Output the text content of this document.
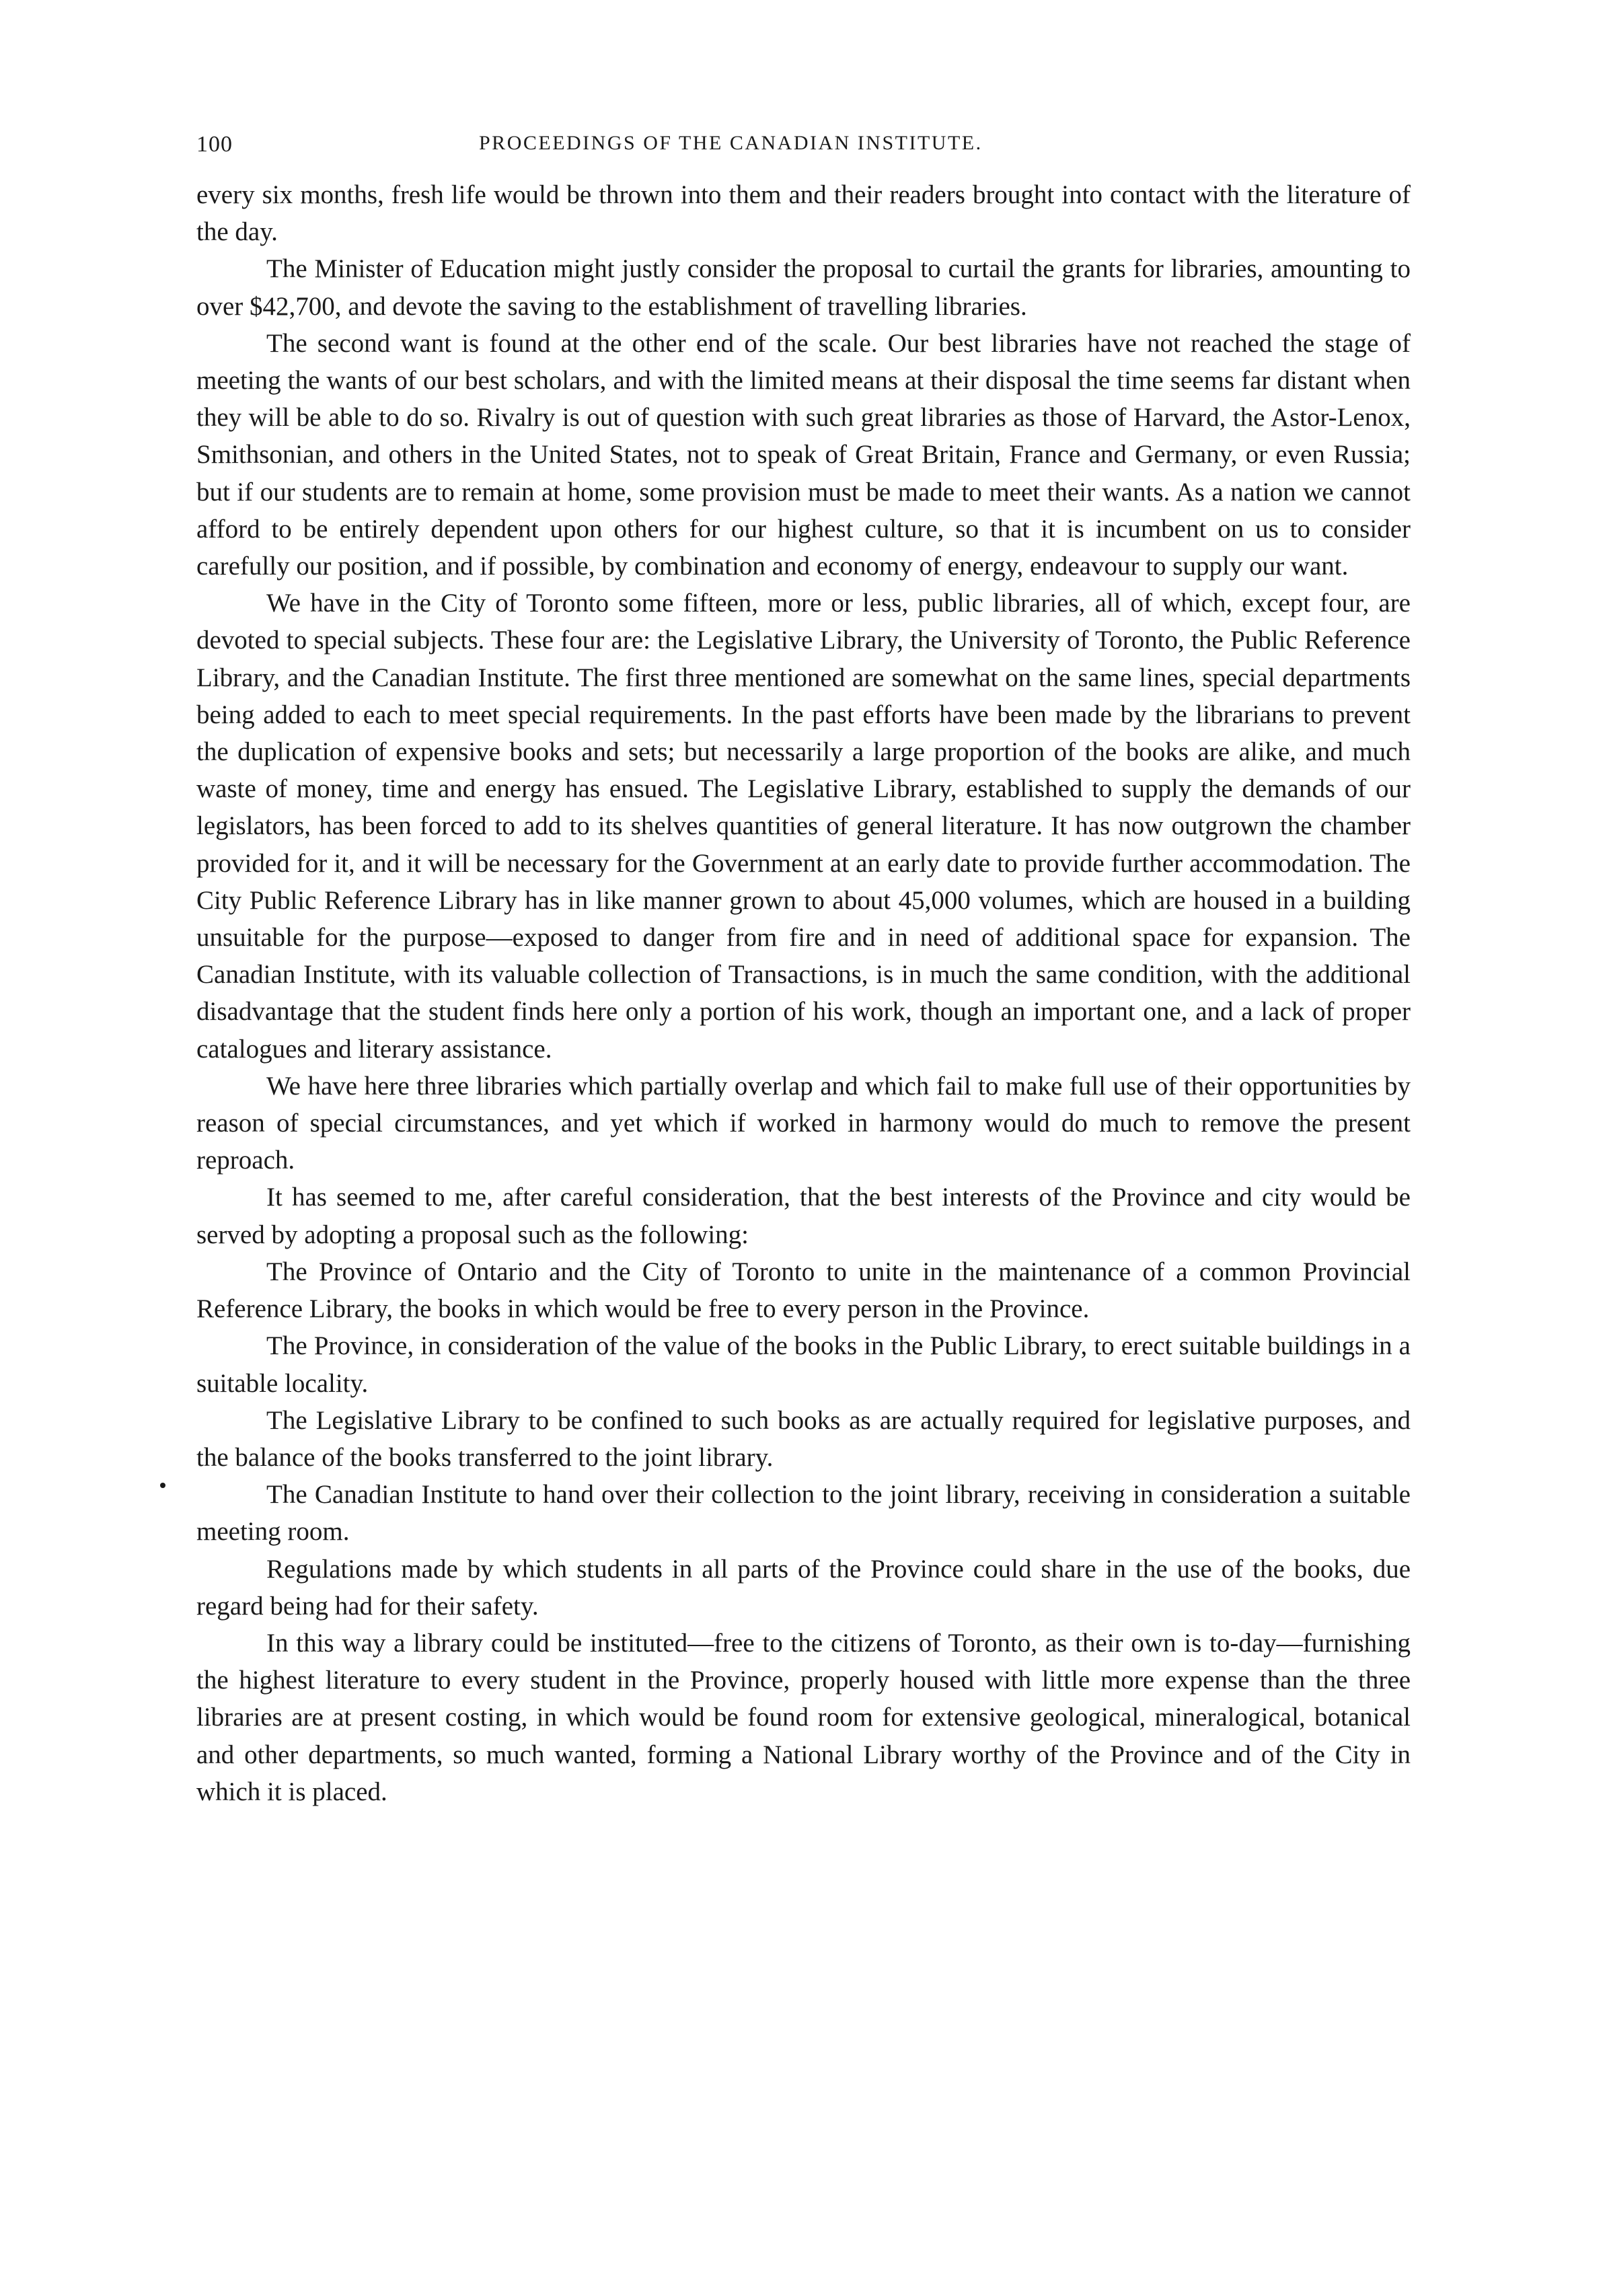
100	PROCEEDINGS OF THE CANADIAN INSTITUTE.

every six months, fresh life would be thrown into them and their readers brought into contact with the literature of the day.

The Minister of Education might justly consider the proposal to curtail the grants for libraries, amounting to over $42,700, and devote the saving to the establishment of travelling libraries.

The second want is found at the other end of the scale. Our best libraries have not reached the stage of meeting the wants of our best scholars, and with the limited means at their disposal the time seems far distant when they will be able to do so. Rivalry is out of question with such great libraries as those of Harvard, the Astor-Lenox, Smithsonian, and others in the United States, not to speak of Great Britain, France and Germany, or even Russia; but if our students are to remain at home, some provision must be made to meet their wants. As a nation we cannot afford to be entirely dependent upon others for our highest culture, so that it is incumbent on us to consider carefully our position, and if possible, by combination and economy of energy, endeavour to supply our want.

We have in the City of Toronto some fifteen, more or less, public libraries, all of which, except four, are devoted to special subjects. These four are: the Legislative Library, the University of Toronto, the Public Reference Library, and the Canadian Institute. The first three mentioned are somewhat on the same lines, special departments being added to each to meet special requirements. In the past efforts have been made by the librarians to prevent the duplication of expensive books and sets; but necessarily a large proportion of the books are alike, and much waste of money, time and energy has ensued. The Legislative Library, established to supply the demands of our legislators, has been forced to add to its shelves quantities of general literature. It has now outgrown the chamber provided for it, and it will be necessary for the Government at an early date to provide further accommodation. The City Public Reference Library has in like manner grown to about 45,000 volumes, which are housed in a building unsuitable for the purpose—exposed to danger from fire and in need of additional space for expansion. The Canadian Institute, with its valuable collection of Transactions, is in much the same condition, with the additional disadvantage that the student finds here only a portion of his work, though an important one, and a lack of proper catalogues and literary assistance.

We have here three libraries which partially overlap and which fail to make full use of their opportunities by reason of special circumstances, and yet which if worked in harmony would do much to remove the present reproach.

It has seemed to me, after careful consideration, that the best interests of the Province and city would be served by adopting a proposal such as the following:

The Province of Ontario and the City of Toronto to unite in the maintenance of a common Provincial Reference Library, the books in which would be free to every person in the Province.

The Province, in consideration of the value of the books in the Public Library, to erect suitable buildings in a suitable locality.

The Legislative Library to be confined to such books as are actually required for legislative purposes, and the balance of the books transferred to the joint library.

The Canadian Institute to hand over their collection to the joint library, receiving in consideration a suitable meeting room.

Regulations made by which students in all parts of the Province could share in the use of the books, due regard being had for their safety.

In this way a library could be instituted—free to the citizens of Toronto, as their own is to-day—furnishing the highest literature to every student in the Province, properly housed with little more expense than the three libraries are at present costing, in which would be found room for extensive geological, mineralogical, botanical and other departments, so much wanted, forming a National Library worthy of the Province and of the City in which it is placed.
